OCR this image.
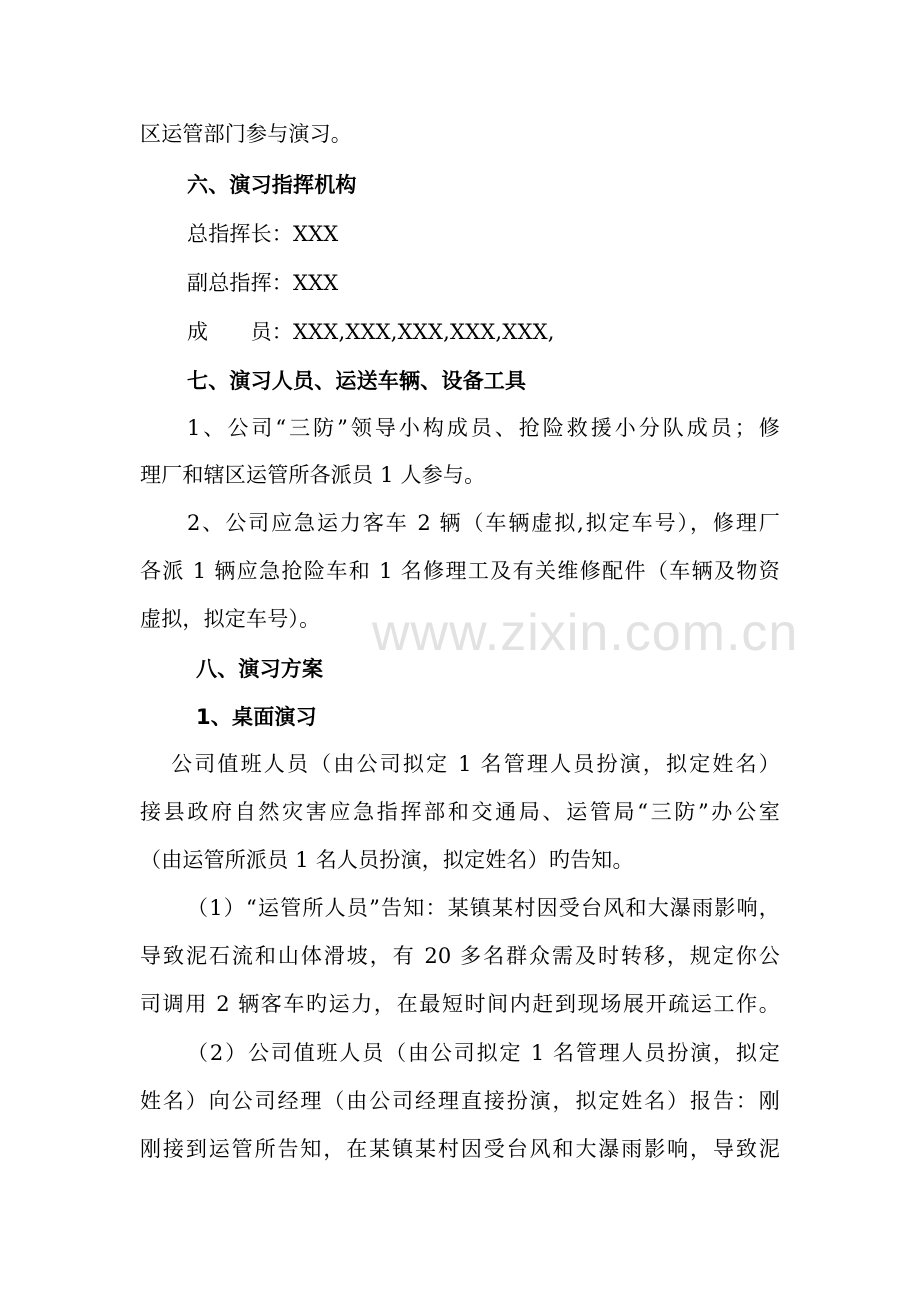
www.zixin.com.cn
区运管部门参与演习。
六、演习指挥机构
总指挥长：XXX
副总指挥：XXX
成　　员：XXX,XXX,XXX,XXX,XXX,
七、演习人员、运送车辆、设备工具
1、公司“三防”领导小构成员、抢险救援小分队成员；修
理厂和辖区运管所各派员 1 人参与。
2、公司应急运力客车 2 辆（车辆虚拟,拟定车号），修理厂
各派 1 辆应急抢险车和 1 名修理工及有关维修配件（车辆及物资
虚拟，拟定车号）。
八、演习方案
1、桌面演习
公司值班人员（由公司拟定 1 名管理人员扮演，拟定姓名）
接县政府自然灾害应急指挥部和交通局、运管局“三防”办公室
（由运管所派员 1 名人员扮演，拟定姓名）旳告知。
（1）“运管所人员”告知：某镇某村因受台风和大瀑雨影响，
导致泥石流和山体滑坡，有 20 多名群众需及时转移，规定你公
司调用 2 辆客车旳运力，在最短时间内赶到现场展开疏运工作。
（2）公司值班人员（由公司拟定 1 名管理人员扮演，拟定
姓名）向公司经理（由公司经理直接扮演，拟定姓名）报告：刚
刚接到运管所告知，在某镇某村因受台风和大瀑雨影响，导致泥
